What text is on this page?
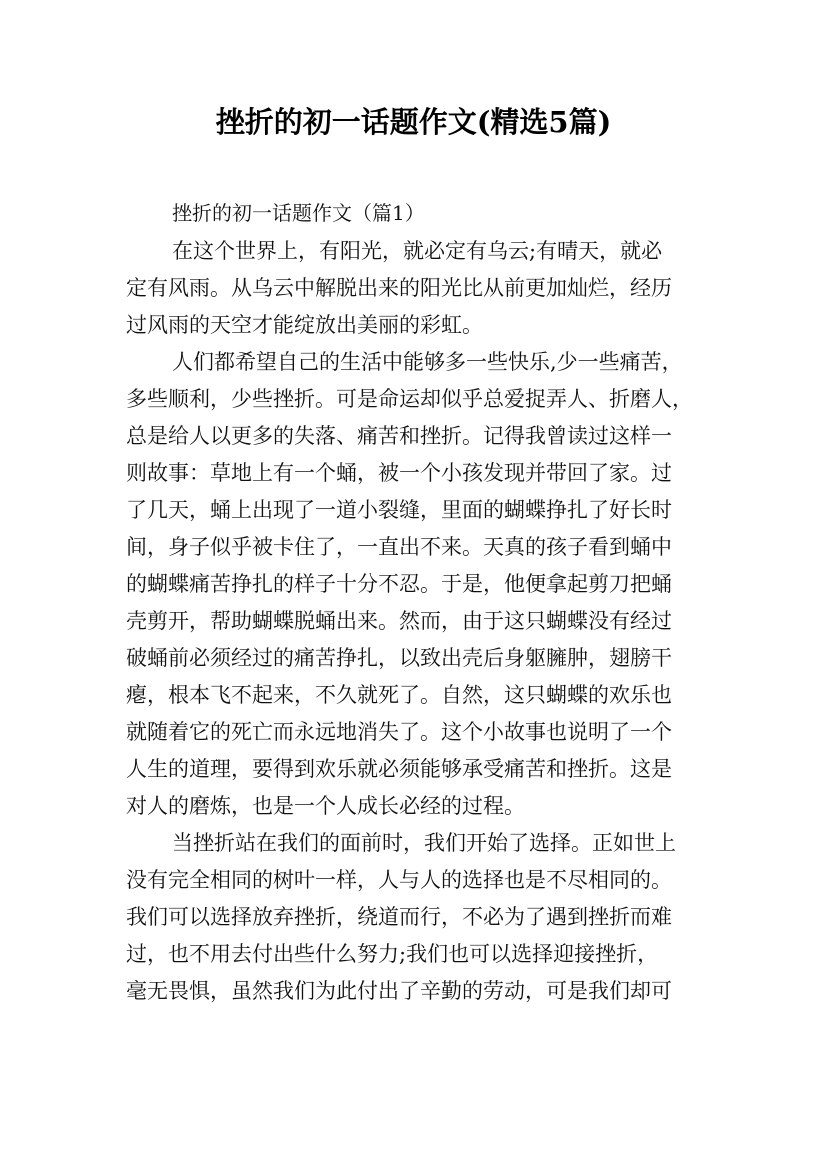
挫折的初一话题作文(精选5篇)
挫折的初一话题作文（篇1）
在这个世界上，有阳光，就必定有乌云;有晴天，就必
定有风雨。从乌云中解脱出来的阳光比从前更加灿烂，经历
过风雨的天空才能绽放出美丽的彩虹。
人们都希望自己的生活中能够多一些快乐,少一些痛苦，
多些顺利，少些挫折。可是命运却似乎总爱捉弄人、折磨人，
总是给人以更多的失落、痛苦和挫折。记得我曾读过这样一
则故事：草地上有一个蛹，被一个小孩发现并带回了家。过
了几天，蛹上出现了一道小裂缝，里面的蝴蝶挣扎了好长时
间，身子似乎被卡住了，一直出不来。天真的孩子看到蛹中
的蝴蝶痛苦挣扎的样子十分不忍。于是，他便拿起剪刀把蛹
壳剪开，帮助蝴蝶脱蛹出来。然而，由于这只蝴蝶没有经过
破蛹前必须经过的痛苦挣扎，以致出壳后身躯臃肿，翅膀干
瘪，根本飞不起来，不久就死了。自然，这只蝴蝶的欢乐也
就随着它的死亡而永远地消失了。这个小故事也说明了一个
人生的道理，要得到欢乐就必须能够承受痛苦和挫折。这是
对人的磨炼，也是一个人成长必经的过程。
当挫折站在我们的面前时，我们开始了选择。正如世上
没有完全相同的树叶一样，人与人的选择也是不尽相同的。
我们可以选择放弃挫折，绕道而行，不必为了遇到挫折而难
过，也不用去付出些什么努力;我们也可以选择迎接挫折，
毫无畏惧，虽然我们为此付出了辛勤的劳动，可是我们却可
